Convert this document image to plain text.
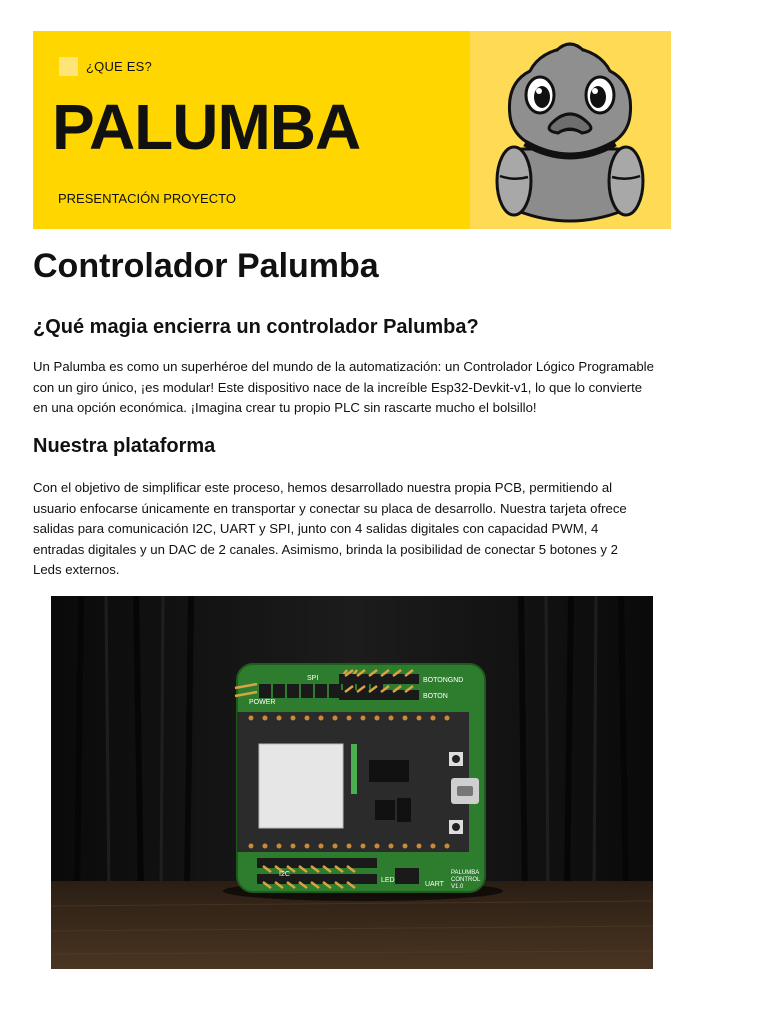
¿QUE ES?
PALUMBA
PRESENTACIÓN PROYECTO
Controlador Palumba
¿Qué magia encierra un controlador Palumba?

Un Palumba es como un superhéroe del mundo de la automatización: un Controlador Lógico Programable
con un giro único, ¡es modular! Este dispositivo nace de la increíble Esp32-Devkit-v1, lo que lo convierte
en una opción económica. ¡Imagina crear tu propio PLC sin rascarte mucho el bolsillo!

Nuestra plataforma

Con el objetivo de simplificar este proceso, hemos desarrollado nuestra propia PCB, permitiendo al
usuario enfocarse únicamente en transportar y conectar su placa de desarrollo. Nuestra tarjeta ofrece
salidas para comunicación I2C, UART y SPI, junto con 4 salidas digitales con capacidad PWM, 4
entradas digitales y un DAC de 2 canales. Asimismo, brinda la posibilidad de conectar 5 botones y 2
Leds externos.

POWER
SPI	BOTONGND
BOTON
I2C
LED
UART
PALUMBA
CONTROL
V1.0
